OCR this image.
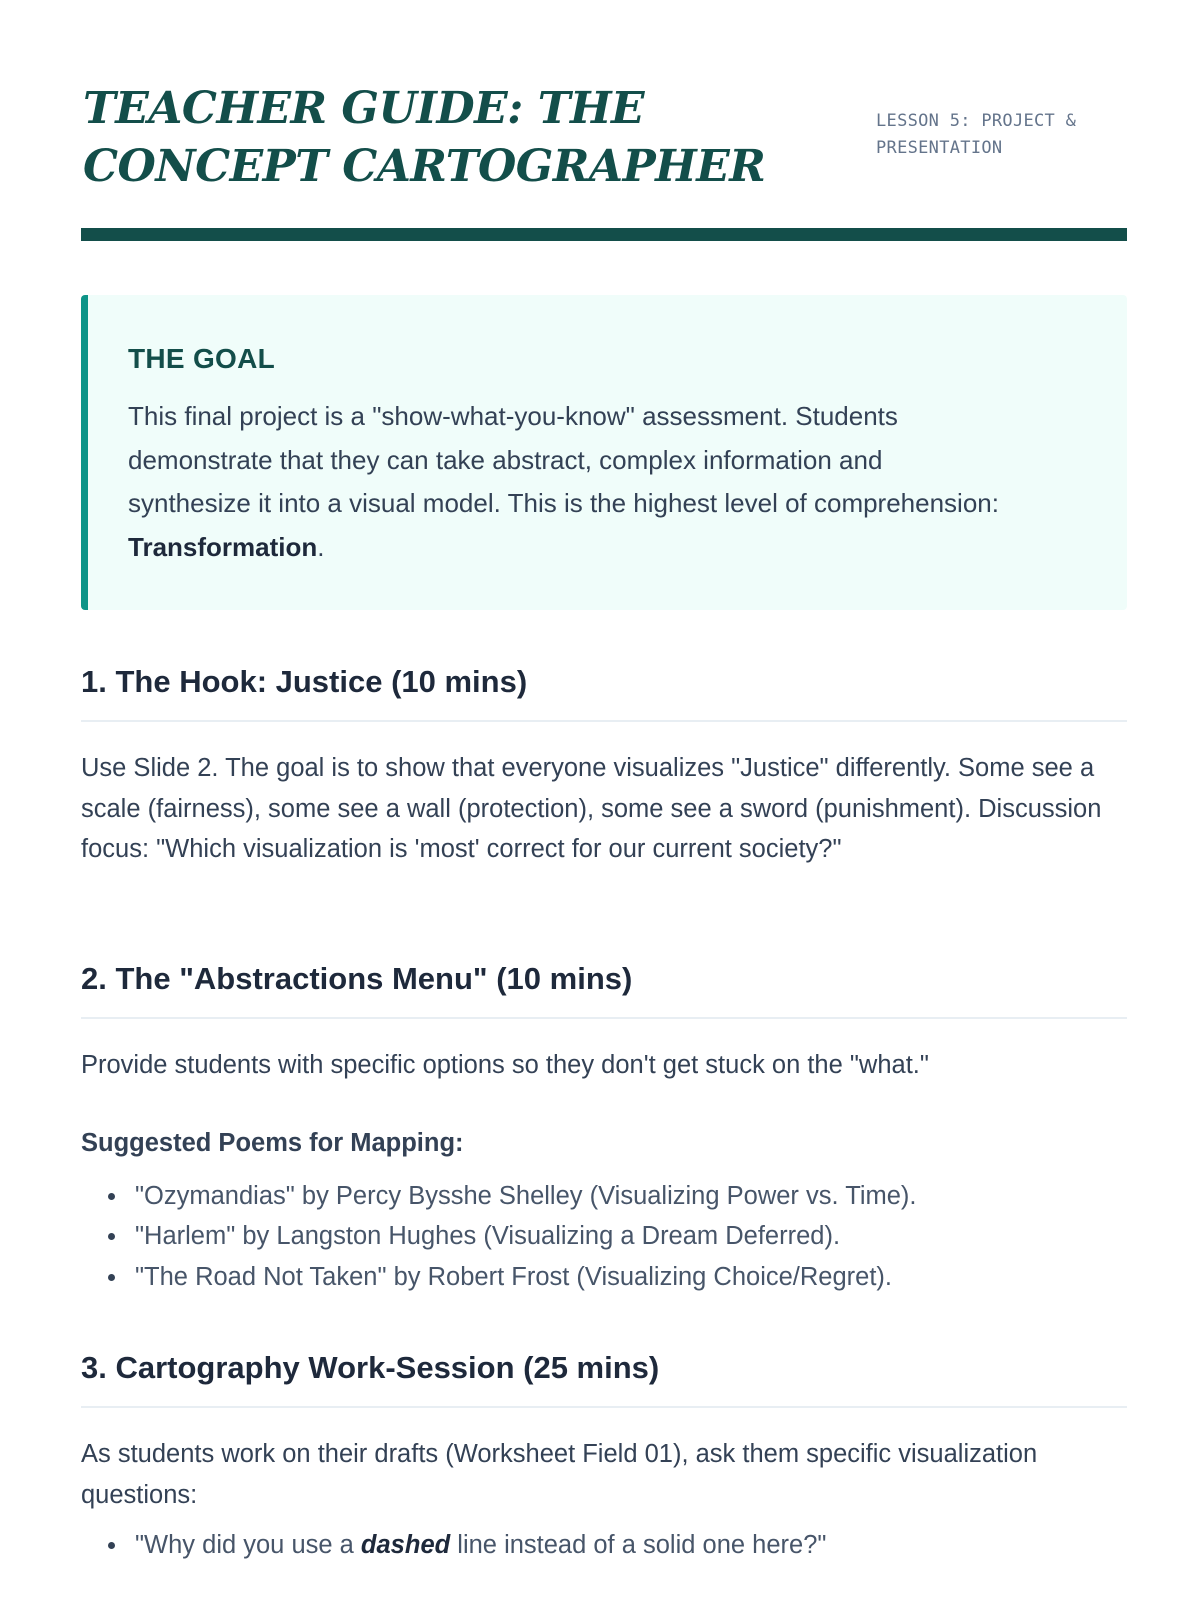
TEACHER GUIDE: THE CONCEPT CARTOGRAPHER
LESSON 5: PROJECT & PRESENTATION
THE GOAL

This final project is a "show-what-you-know" assessment. Students demonstrate that they can take abstract, complex information and synthesize it into a visual model. This is the highest level of comprehension: Transformation.

1. The Hook: Justice (10 mins)

Use Slide 2. The goal is to show that everyone visualizes "Justice" differently. Some see a scale (fairness), some see a wall (protection), some see a sword (punishment). Discussion focus: "Which visualization is 'most' correct for our current society?"

2. The "Abstractions Menu" (10 mins)

Provide students with specific options so they don't get stuck on the "what."

Suggested Poems for Mapping:
"Ozymandias" by Percy Bysshe Shelley (Visualizing Power vs. Time).
"Harlem" by Langston Hughes (Visualizing a Dream Deferred).
"The Road Not Taken" by Robert Frost (Visualizing Choice/Regret).
3. Cartography Work-Session (25 mins)

As students work on their drafts (Worksheet Field 01), ask them specific visualization questions:

"Why did you use a dashed line instead of a solid one here?"
